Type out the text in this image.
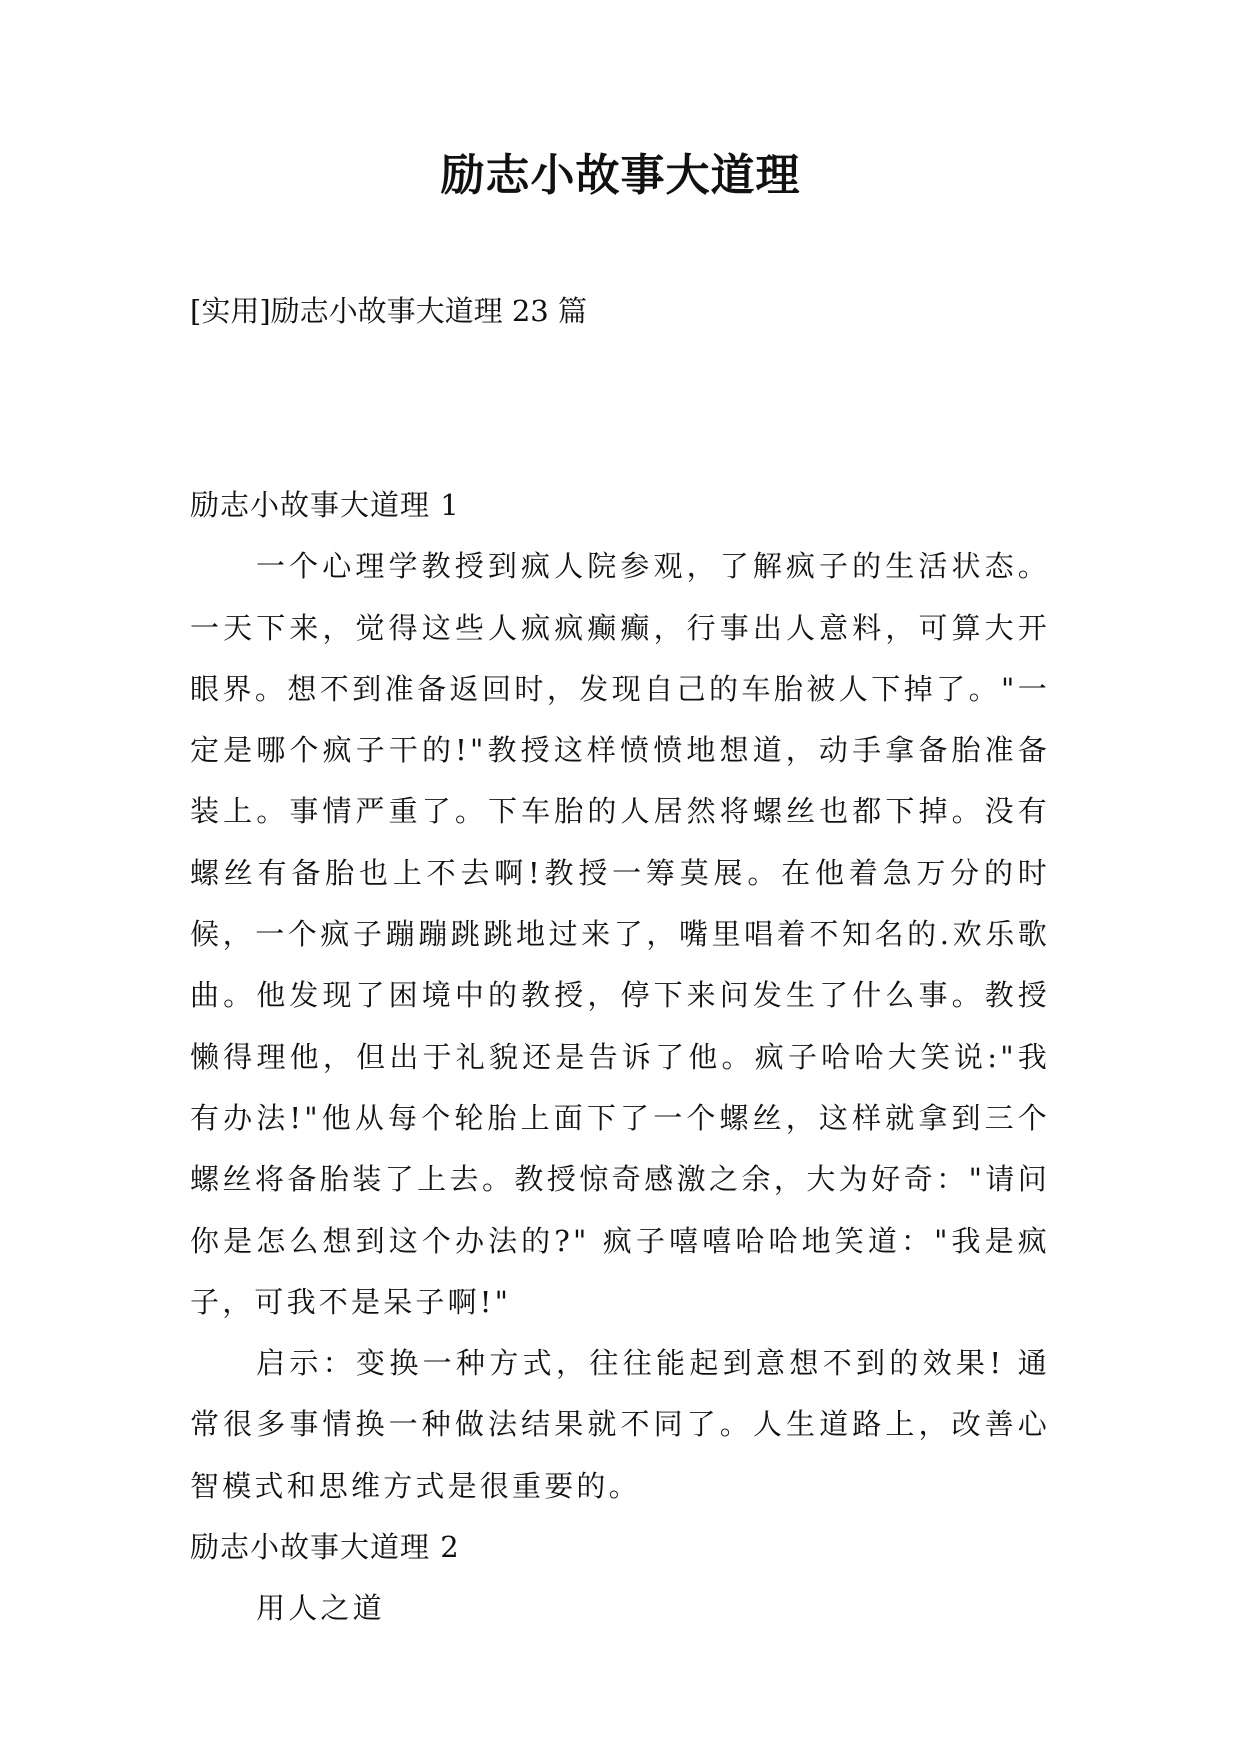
励志小故事大道理

[实用]励志小故事大道理 23 篇

励志小故事大道理 1

一个心理学教授到疯人院参观，了解疯子的生活状态。一天下来，觉得这些人疯疯癫癫，行事出人意料，可算大开眼界。想不到准备返回时，发现自己的车胎被人下掉了。"一定是哪个疯子干的!"教授这样愤愤地想道，动手拿备胎准备装上。事情严重了。下车胎的人居然将螺丝也都下掉。没有螺丝有备胎也上不去啊!教授一筹莫展。在他着急万分的时候，一个疯子蹦蹦跳跳地过来了，嘴里唱着不知名的.欢乐歌曲。他发现了困境中的教授，停下来问发生了什么事。教授懒得理他，但出于礼貌还是告诉了他。疯子哈哈大笑说:"我有办法!"他从每个轮胎上面下了一个螺丝，这样就拿到三个螺丝将备胎装了上去。教授惊奇感激之余，大为好奇："请问你是怎么想到这个办法的?" 疯子嘻嘻哈哈地笑道："我是疯子，可我不是呆子啊!"

启示：变换一种方式，往往能起到意想不到的效果! 通常很多事情换一种做法结果就不同了。人生道路上，改善心智模式和思维方式是很重要的。

励志小故事大道理 2

用人之道
